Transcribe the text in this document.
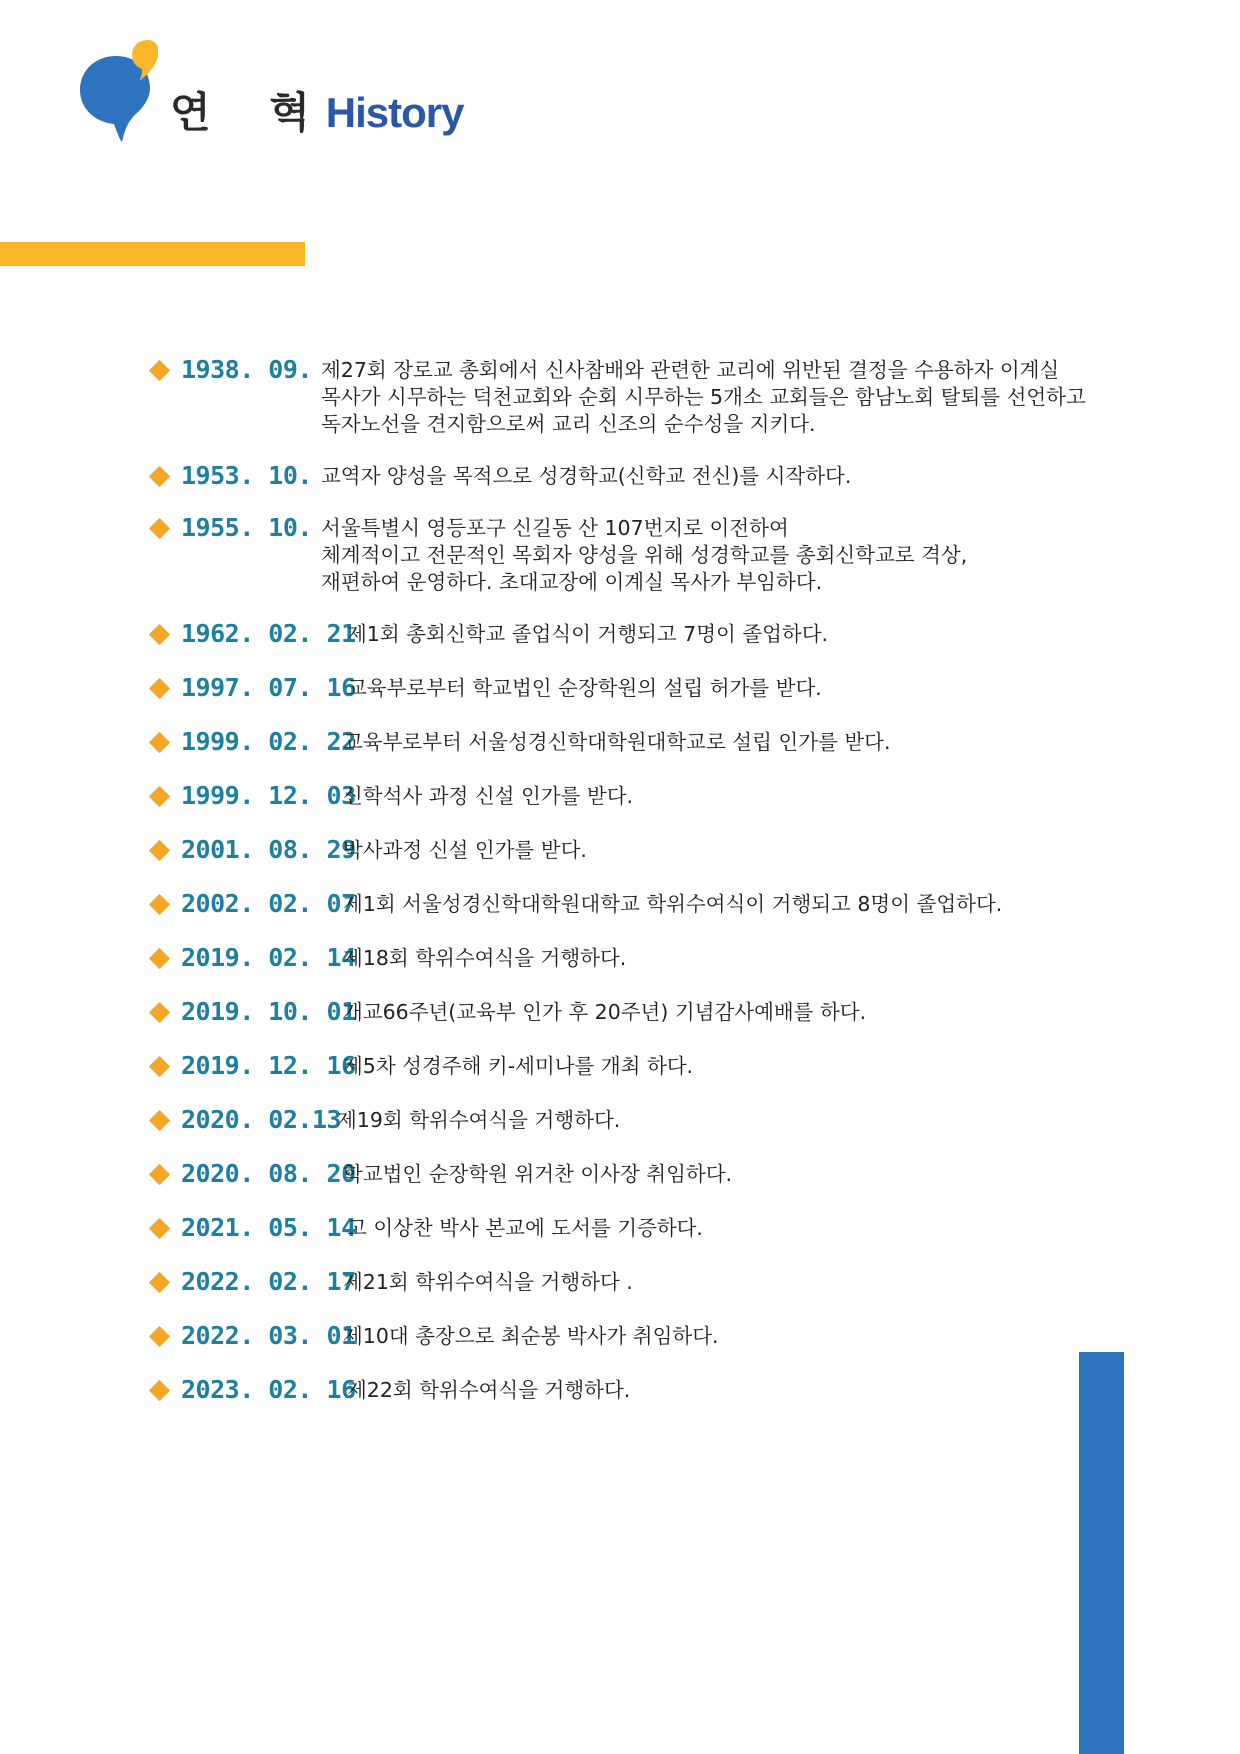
연 혁
History
1938. 09. 제27회 장로교 총회에서 신사참배와 관련한 교리에 위반된 결정을 수용하자 이계실
목사가 시무하는 덕천교회와 순회 시무하는 5개소 교회들은 함남노회 탈퇴를 선언하고
독자노선을 견지함으로써 교리 신조의 순수성을 지키다.
1953. 10. 교역자 양성을 목적으로 성경학교(신학교 전신)를 시작하다.
1955. 10. 서울특별시 영등포구 신길동 산 107번지로 이전하여
체계적이고 전문적인 목회자 양성을 위해 성경학교를 총회신학교로 격상,
재편하여 운영하다. 초대교장에 이계실 목사가 부임하다.
1962. 02. 21
제1회 총회신학교 졸업식이 거행되고 7명이 졸업하다.
1997. 07. 16
교육부로부터 학교법인 순장학원의 설립 허가를 받다.
1999. 02. 22
교육부로부터 서울성경신학대학원대학교로 설립 인가를 받다.
1999. 12. 03
신학석사 과정 신설 인가를 받다.
2001. 08. 29
박사과정 신설 인가를 받다.
2002. 02. 07
제1회 서울성경신학대학원대학교 학위수여식이 거행되고 8명이 졸업하다.
2019. 02. 14
제18회 학위수여식을 거행하다.
2019. 10. 01
개교66주년(교육부 인가 후 20주년) 기념감사예배를 하다.
2019. 12. 16
제5차 성경주해 키-세미나를 개최 하다.
2020. 02.13
제19회 학위수여식을 거행하다.
2020. 08. 20
학교법인 순장학원 위거찬 이사장 취임하다.
2021. 05. 14
고 이상찬 박사 본교에 도서를 기증하다.
2022. 02. 17
제21회 학위수여식을 거행하다 .
2022. 03. 01
제10대 총장으로 최순봉 박사가 취임하다.
2023. 02. 16
제22회 학위수여식을 거행하다.
